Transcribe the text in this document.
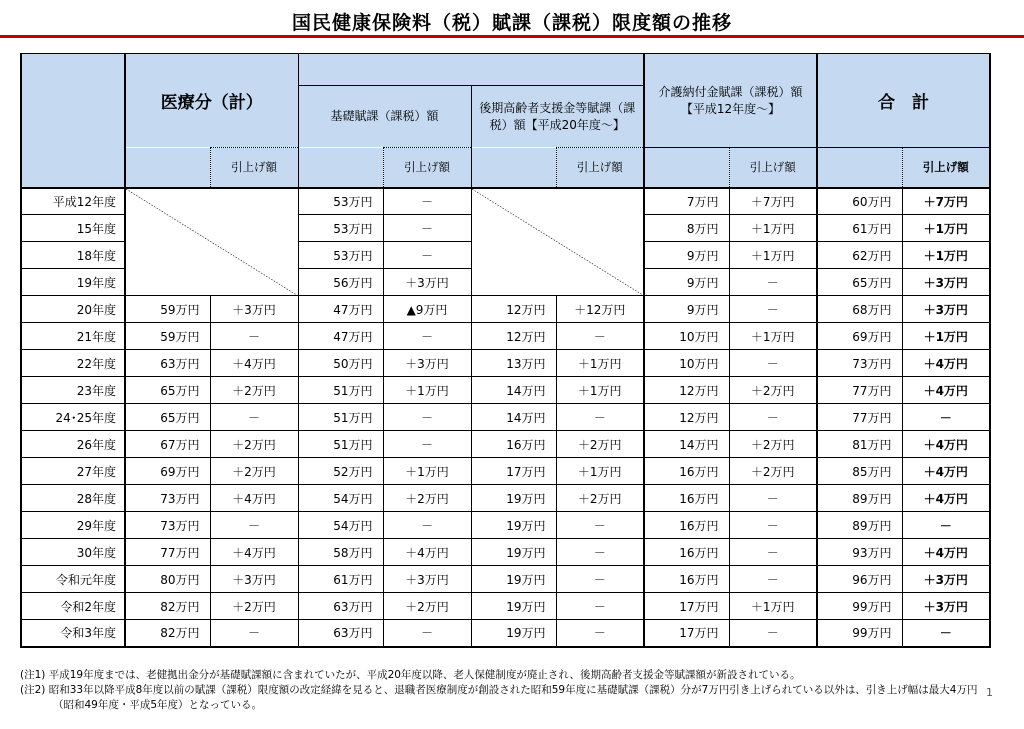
国民健康保険料（税）賦課（課税）限度額の推移
	医療分（計）						介護納付金賦課（課税）額【平成12年度～】		合　計	
			基礎賦課（課税）額		後期高齢者支援金等賦課（課税）額【平成20年度～】					
		引上げ額		引上げ額		引上げ額		引上げ額		引上げ額
平成12年度			53万円	－			7万円	＋7万円	60万円	＋7万円
15年度			53万円	－			8万円	＋1万円	61万円	＋1万円
18年度			53万円	－			9万円	＋1万円	62万円	＋1万円
19年度			56万円	＋3万円			9万円	－	65万円	＋3万円
20年度	59万円	＋3万円	47万円	▲9万円	12万円	＋12万円	9万円	－	68万円	＋3万円
21年度	59万円	－	47万円	－	12万円	－	10万円	＋1万円	69万円	＋1万円
22年度	63万円	＋4万円	50万円	＋3万円	13万円	＋1万円	10万円	－	73万円	＋4万円
23年度	65万円	＋2万円	51万円	＋1万円	14万円	＋1万円	12万円	＋2万円	77万円	＋4万円
24･25年度	65万円	－	51万円	－	14万円	－	12万円	－	77万円	－
26年度	67万円	＋2万円	51万円	－	16万円	＋2万円	14万円	＋2万円	81万円	＋4万円
27年度	69万円	＋2万円	52万円	＋1万円	17万円	＋1万円	16万円	＋2万円	85万円	＋4万円
28年度	73万円	＋4万円	54万円	＋2万円	19万円	＋2万円	16万円	－	89万円	＋4万円
29年度	73万円	－	54万円	－	19万円	－	16万円	－	89万円	－
30年度	77万円	＋4万円	58万円	＋4万円	19万円	－	16万円	－	93万円	＋4万円
令和元年度	80万円	＋3万円	61万円	＋3万円	19万円	－	16万円	－	96万円	＋3万円
令和2年度	82万円	＋2万円	63万円	＋2万円	19万円	－	17万円	＋1万円	99万円	＋3万円
令和3年度	82万円	－	63万円	－	19万円	－	17万円	－	99万円	－
(注1) 平成19年度までは、老健拠出金分が基礎賦課額に含まれていたが、平成20年度以降、老人保健制度が廃止され、後期高齢者支援金等賦課額が新設されている。
(注2) 昭和33年以降平成8年度以前の賦課（課税）限度額の改定経緯を見ると、退職者医療制度が創設された昭和59年度に基礎賦課（課税）分が7万円引き上げられている以外は、引き上げ幅は最大4万円（昭和49年度・平成5年度）となっている。
1
